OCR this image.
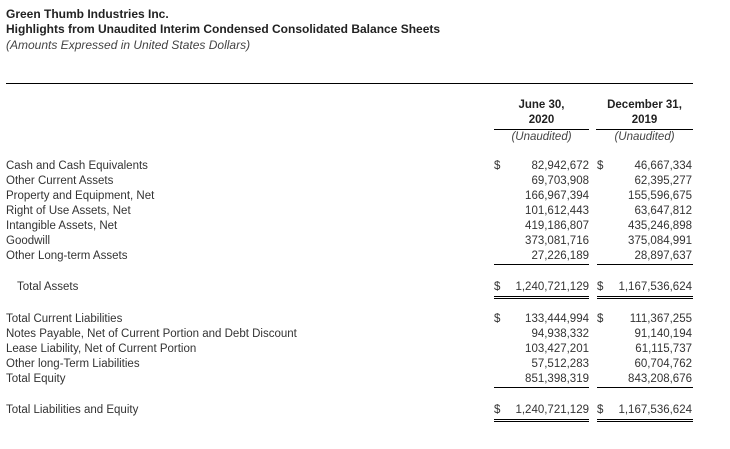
Green Thumb Industries Inc.
Highlights from Unaudited Interim Condensed Consolidated Balance Sheets
(Amounts Expressed in United States Dollars)
June 30,
2020
(Unaudited)
December 31,
2019
(Unaudited)
Cash and Cash Equivalents	$	82,942,672 $	46,667,334
Other Current Assets	69,703,908	62,395,277
Property and Equipment, Net	166,967,394	155,596,675
Right of Use Assets, Net	101,612,443	63,647,812
Intangible Assets, Net	419,186,807	435,246,898
Goodwill	373,081,716	375,084,991
Other Long-term Assets	27,226,189	28,897,637
Total Assets	$	1,240,721,129 $	1,167,536,624
Total Current Liabilities	$	133,444,994 $	111,367,255
Notes Payable, Net of Current Portion and Debt Discount	94,938,332	91,140,194
Lease Liability, Net of Current Portion	103,427,201	61,115,737
Other long-Term Liabilities	57,512,283	60,704,762
Total Equity	851,398,319	843,208,676
Total Liabilities and Equity	$	1,240,721,129 $	1,167,536,624
